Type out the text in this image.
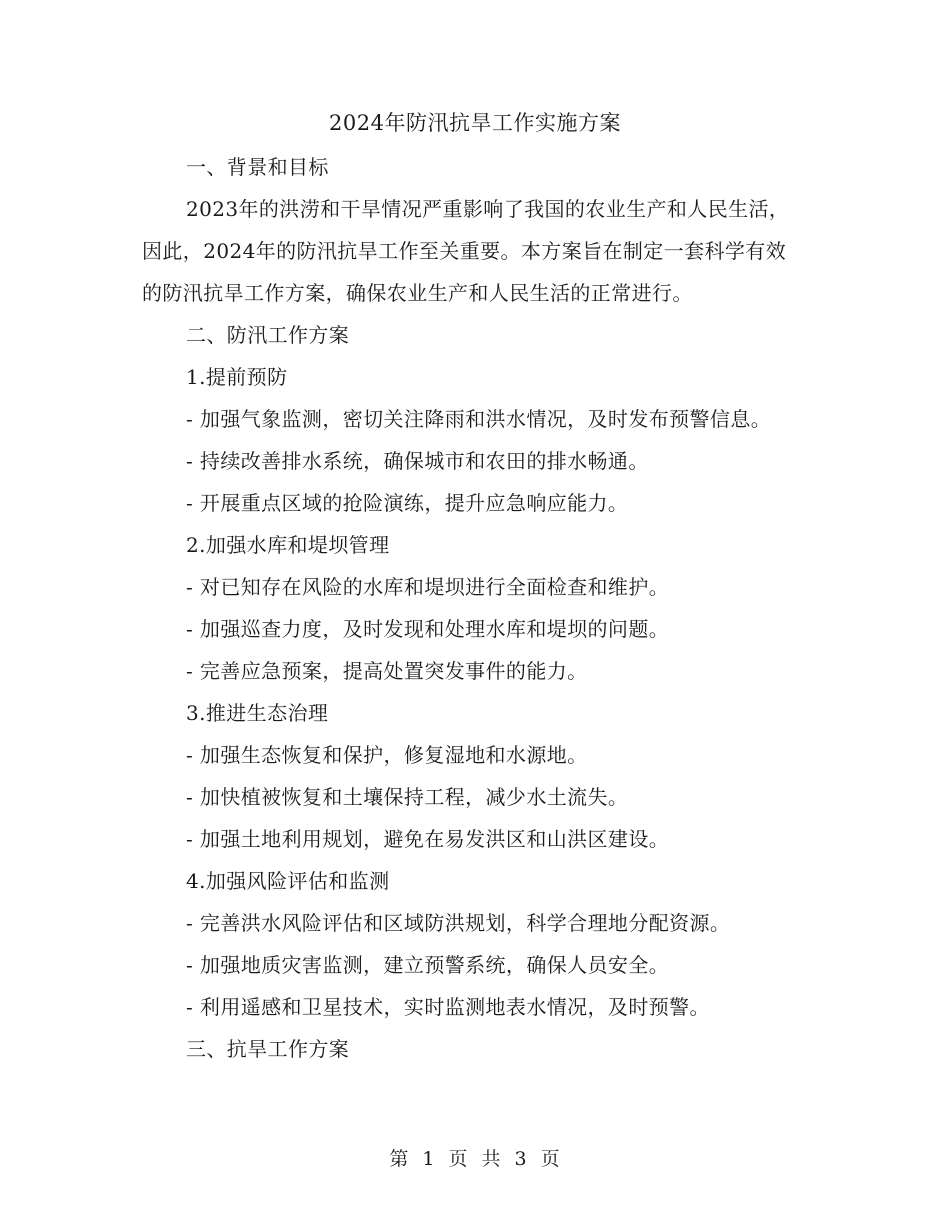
2024年防汛抗旱工作实施方案

一、背景和目标

2023年的洪涝和干旱情况严重影响了我国的农业生产和人民生活，因此，2024年的防汛抗旱工作至关重要。本方案旨在制定一套科学有效的防汛抗旱工作方案，确保农业生产和人民生活的正常进行。

二、防汛工作方案

1.提前预防

- 加强气象监测，密切关注降雨和洪水情况，及时发布预警信息。

- 持续改善排水系统，确保城市和农田的排水畅通。

- 开展重点区域的抢险演练，提升应急响应能力。

2.加强水库和堤坝管理

- 对已知存在风险的水库和堤坝进行全面检查和维护。

- 加强巡查力度，及时发现和处理水库和堤坝的问题。

- 完善应急预案，提高处置突发事件的能力。

3.推进生态治理

- 加强生态恢复和保护，修复湿地和水源地。

- 加快植被恢复和土壤保持工程，减少水土流失。

- 加强土地利用规划，避免在易发洪区和山洪区建设。

4.加强风险评估和监测

- 完善洪水风险评估和区域防洪规划，科学合理地分配资源。

- 加强地质灾害监测，建立预警系统，确保人员安全。

- 利用遥感和卫星技术，实时监测地表水情况，及时预警。

三、抗旱工作方案

第 1 页 共 3 页
